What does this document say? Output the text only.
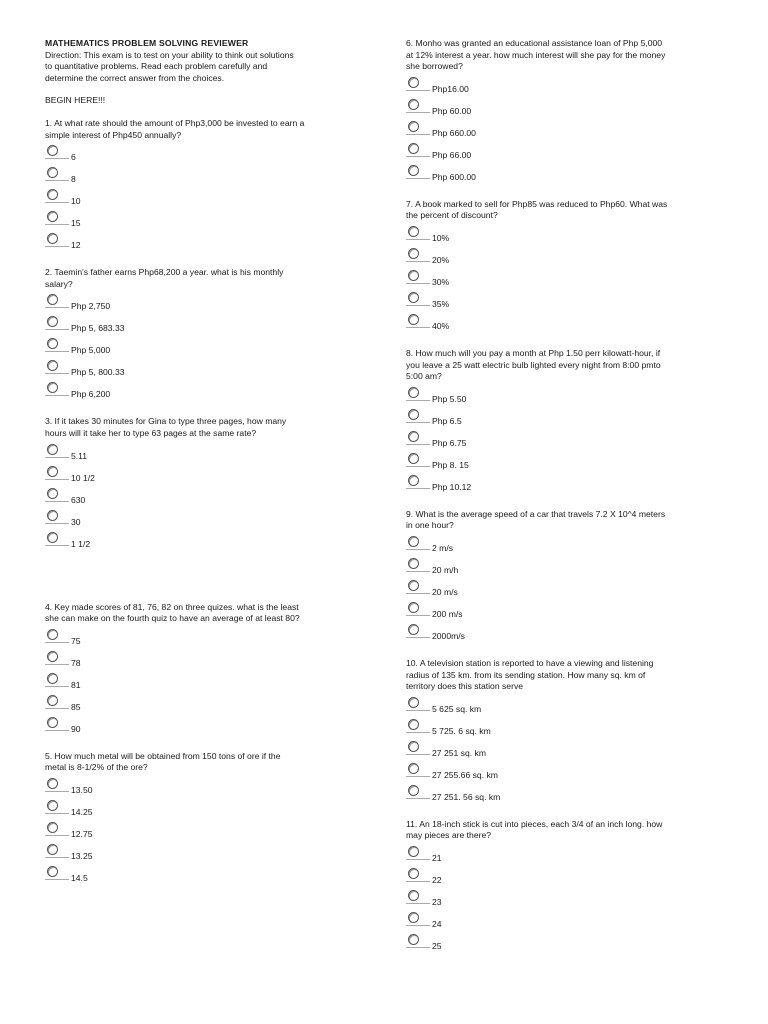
MATHEMATICS PROBLEM SOLVING REVIEWER

Direction: This exam is to test on your ability to think out solutions

to quantitative problems. Read each problem carefully and

determine the correct answer from the choices.

BEGIN HERE!!!
1. At what rate should the amount of Php3,000 be invested to earn a
simple interest of Php450 annually?
6
8
10
15
12
2. Taemin's father earns Php68,200 a year. what is his monthly
salary?
Php 2,750
Php 5, 683.33
Php 5,000
Php 5, 800.33
Php 6,200
3. If it takes 30 minutes for Gina to type three pages, how many
hours will it take her to type 63 pages at the same rate?
5.11
10 1/2
630
30
1 1/2
4. Key made scores of 81, 76, 82 on three quizes. what is the least
she can make on the fourth quiz to have an average of at least 80?
75
78
81
85
90
5. How much metal will be obtained from 150 tons of ore if the
metal is 8-1/2% of the ore?
13.50
14.25
12.75
13.25
14.5
6. Monho was granted an educational assistance loan of Php 5,000
at 12% interest a year. how much interest will she pay for the money
she borrowed?
Php16.00
Php 60.00
Php 660.00
Php 66.00
Php 600.00
7. A book marked to sell for Php85 was reduced to Php60. What was
the percent of discount?
10%
20%
30%
35%
40%
8. How much will you pay a month at Php 1.50 perr kilowatt-hour, if
you leave a 25 watt electric bulb lighted every night from 8:00 pmto
5:00 am?
Php 5.50
Php 6.5
Php 6.75
Php 8. 15
Php 10.12
9. What is the average speed of a car that travels 7.2 X 10^4 meters
in one hour?
2 m/s
20 m/h
20 m/s
200 m/s
2000m/s
10. A television station is reported to have a viewing and listening
radius of 135 km. from its sending station. How many sq. km of
territory does this station serve
5 625 sq. km
5 725. 6 sq. km
27 251 sq. km
27 255.66 sq. km
27 251. 56 sq. km
11. An 18-inch stick is cut into pieces, each 3/4 of an inch long. how
may pieces are there?
21
22
23
24
25
